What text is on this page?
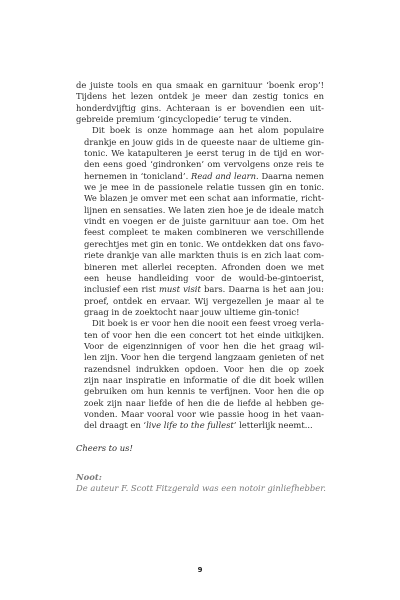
de juiste tools en qua smaak en garnituur ‘boenk erop’!
Tijdens het lezen ontdek je meer dan zestig tonics en
honderdvijftig gins. Achteraan is er bovendien een uit-
gebreide premium ‘gincyclopedie’ terug te vinden.

Dit boek is onze hommage aan het alom populaire
drankje en jouw gids in de queeste naar de ultieme gin-
tonic. We katapulteren je eerst terug in de tijd en wor-
den eens goed ‘gindronken’ om vervolgens onze reis te
hernemen in ‘tonicland’. Read and learn. Daarna nemen
we je mee in de passionele relatie tussen gin en tonic.
We blazen je omver met een schat aan informatie, richt-
lijnen en sensaties. We laten zien hoe je de ideale match
vindt en voegen er de juiste garnituur aan toe. Om het
feest compleet te maken combineren we verschillende
gerechtjes met gin en tonic. We ontdekken dat ons favo-
riete drankje van alle markten thuis is en zich laat com-
bineren met allerlei recepten. Afronden doen we met
een heuse handleiding voor de would-be-gintoerist,
inclusief een rist must visit bars. Daarna is het aan jou:
proef, ontdek en ervaar. Wij vergezellen je maar al te
graag in de zoektocht naar jouw ultieme gin-tonic!

Dit boek is er voor hen die nooit een feest vroeg verla-
ten of voor hen die een concert tot het einde uitkijken.
Voor de eigenzinnigen of voor hen die het graag wil-
len zijn. Voor hen die tergend langzaam genieten of net
razendsnel indrukken opdoen. Voor hen die op zoek
zijn naar inspiratie en informatie of die dit boek willen
gebruiken om hun kennis te verfijnen. Voor hen die op
zoek zijn naar liefde of hen die de liefde al hebben ge-
vonden. Maar vooral voor wie passie hoog in het vaan-
del draagt en ‘live life to the fullest’ letterlijk neemt...

Cheers to us!

Noot:

De auteur F. Scott Fitzgerald was een notoir ginliefhebber.

9
